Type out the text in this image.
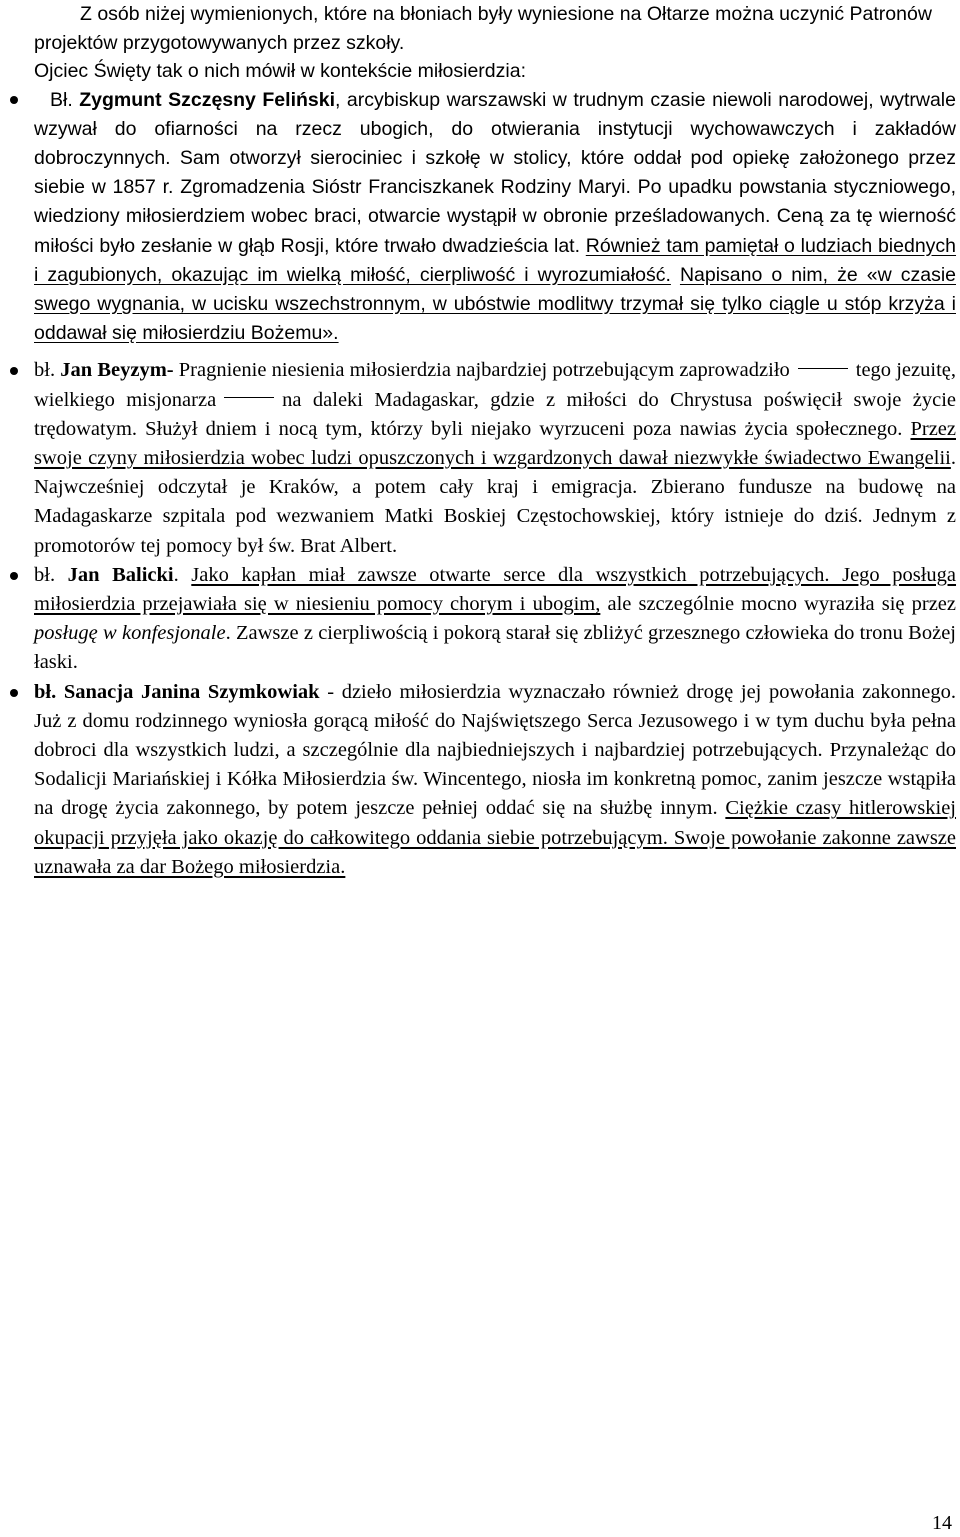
Z osób niżej wymienionych, które na błoniach były wyniesione na Ołtarze można uczynić Patronów projektów przygotowywanych przez szkoły.

Ojciec Święty tak o nich mówił w kontekście miłosierdzia:

Bł. Zygmunt Szczęsny Feliński, arcybiskup warszawski w trudnym czasie niewoli narodowej, wytrwale wzywał do ofiarności na rzecz ubogich, do otwierania instytucji wychowawczych i zakładów dobroczynnych. Sam otworzył sierociniec i szkołę w stolicy, które oddał pod opiekę założonego przez siebie w 1857 r. Zgromadzenia Sióstr Franciszkanek Rodziny Maryi. Po upadku powstania styczniowego, wiedziony miłosierdziem wobec braci, otwarcie wystąpił w obronie prześladowanych. Ceną za tę wierność miłości było zesłanie w głąb Rosji, które trwało dwadzieścia lat. Również tam pamiętał o ludziach biednych i zagubionych, okazując im wielką miłość, cierpliwość i wyrozumiałość. Napisano o nim, że «w czasie swego wygnania, w ucisku wszechstronnym, w ubóstwie modlitwy trzymał się tylko ciągle u stóp krzyża i oddawał się miłosierdziu Bożemu».
bł. Jan Beyzym- Pragnienie niesienia miłosierdzia najbardziej potrzebującym zaprowadziło	tego jezuitę, wielkiego misjonarza	na daleki Madagaskar, gdzie z miłości do Chrystusa poświęcił swoje życie trędowatym. Służył dniem i nocą tym, którzy byli niejako wyrzuceni poza nawias życia społecznego. Przez swoje czyny miłosierdzia wobec ludzi opuszczonych i wzgardzonych dawał niezwykłe świadectwo Ewangelii. Najwcześniej odczytał je Kraków, a potem cały kraj i emigracja. Zbierano fundusze na budowę na Madagaskarze szpitala pod wezwaniem Matki Boskiej Częstochowskiej, który istnieje do dziś. Jednym z promotorów tej pomocy był św. Brat Albert.
bł. Jan Balicki. Jako kapłan miał zawsze otwarte serce dla wszystkich potrzebujących. Jego posługa miłosierdzia przejawiała się w niesieniu pomocy chorym i ubogim, ale szczególnie mocno wyraziła się przez posługę w konfesjonale. Zawsze z cierpliwością i pokorą starał się zbliżyć grzesznego człowieka do tronu Bożej łaski.
bł. Sanacja Janina Szymkowiak - dzieło miłosierdzia wyznaczało również drogę jej powołania zakonnego. Już z domu rodzinnego wyniosła gorącą miłość do Najświętszego Serca Jezusowego i w tym duchu była pełna dobroci dla wszystkich ludzi, a szczególnie dla najbiedniejszych i najbardziej potrzebujących. Przynależąc do Sodalicji Mariańskiej i Kółka Miłosierdzia św. Wincentego, niosła im konkretną pomoc, zanim jeszcze wstąpiła na drogę życia zakonnego, by potem jeszcze pełniej oddać się na służbę innym. Ciężkie czasy hitlerowskiej okupacji przyjęła jako okazję do całkowitego oddania siebie potrzebującym. Swoje powołanie zakonne zawsze uznawała za dar Bożego miłosierdzia.
14
